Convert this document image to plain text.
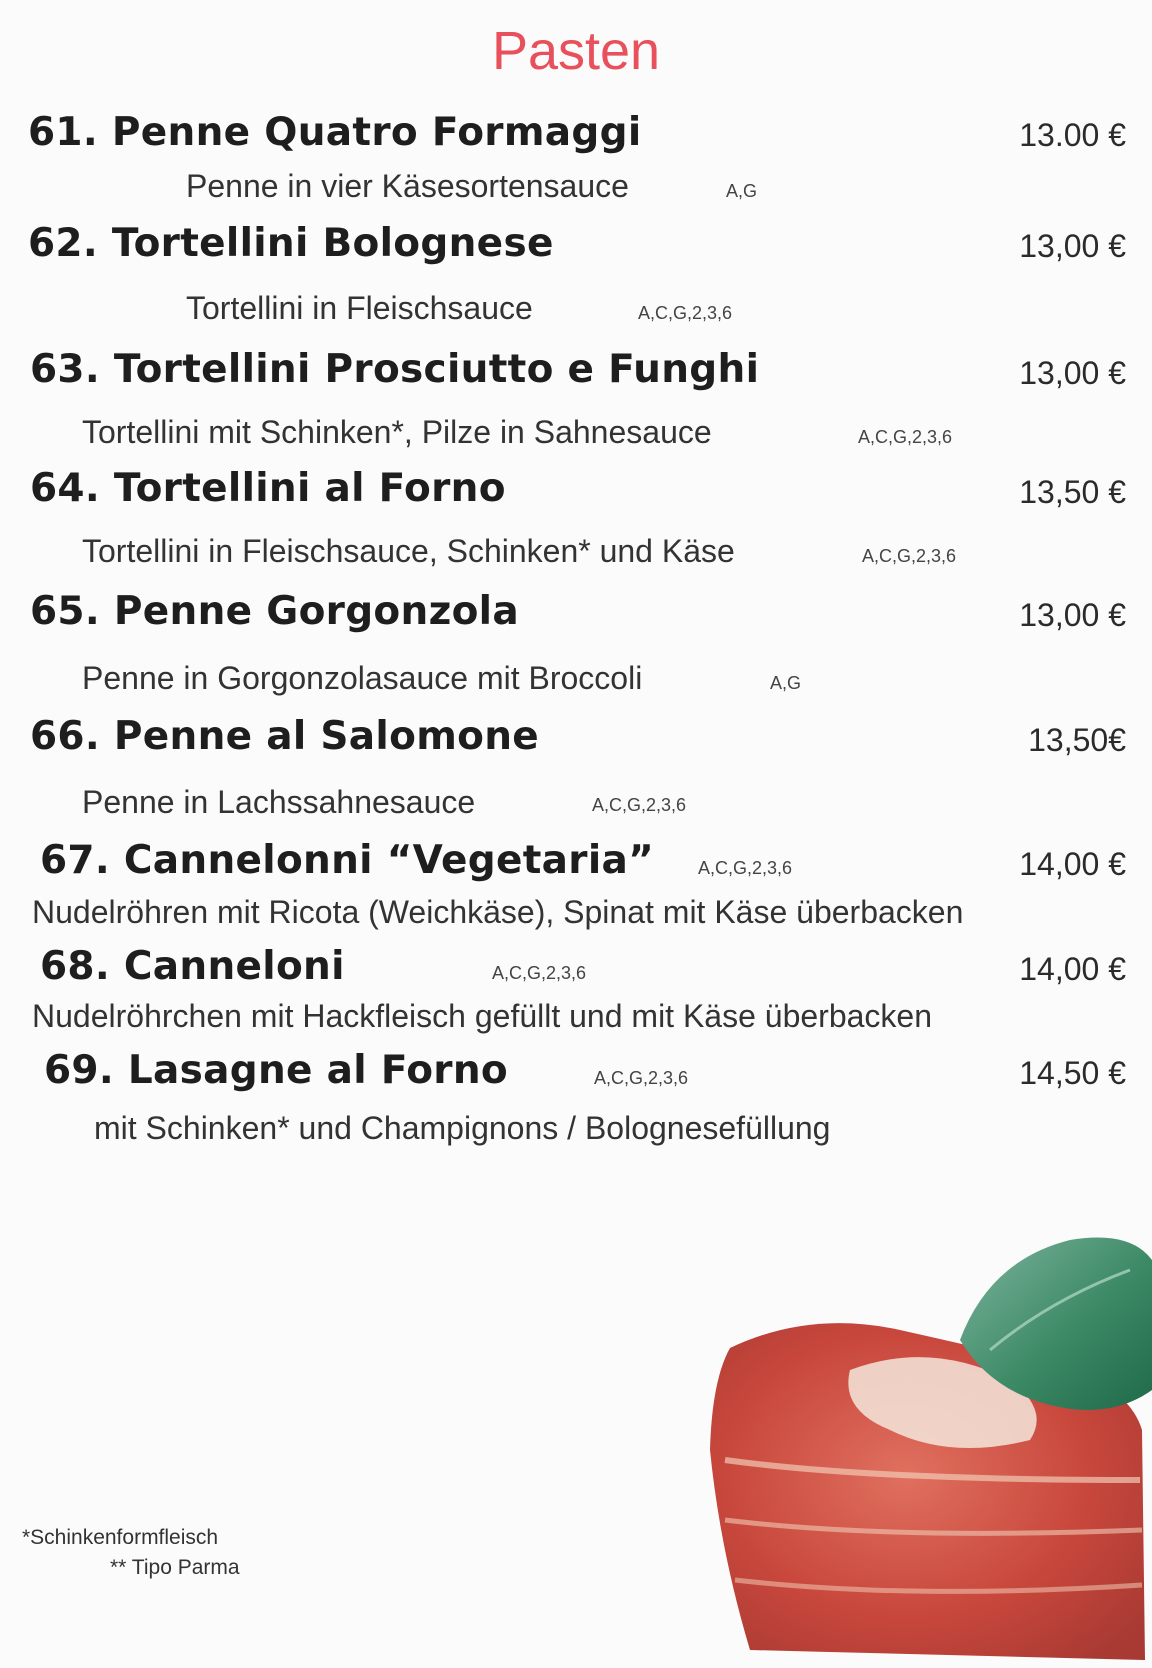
Pasten
61. Penne Quatro Formaggi	13.00 €
Penne in vier Käsesortensauce	A,G
62. Tortellini Bolognese	13,00 €
Tortellini in Fleischsauce	A,C,G,2,3,6
63. Tortellini Prosciutto e Funghi	13,00 €
Tortellini mit Schinken*, Pilze in Sahnesauce	A,C,G,2,3,6
64. Tortellini al Forno	13,50 €
Tortellini in Fleischsauce, Schinken* und Käse	A,C,G,2,3,6
65. Penne Gorgonzola	13,00 €
Penne in Gorgonzolasauce mit Broccoli	A,G
66. Penne al Salomone	13,50€
Penne in Lachssahnesauce	A,C,G,2,3,6
67. Cannelonni “Vegetaria” A,C,G,2,3,6	14,00 €
Nudelröhren mit Ricota (Weichkäse), Spinat mit Käse überbacken
68. Canneloni	A,C,G,2,3,6	14,00 €
Nudelröhrchen mit Hackfleisch gefüllt und mit Käse überbacken
69. Lasagne al Forno	A,C,G,2,3,6	14,50 €
mit Schinken* und Champignons / Bolognesefüllung
*Schinkenformfleisch
** Tipo Parma
